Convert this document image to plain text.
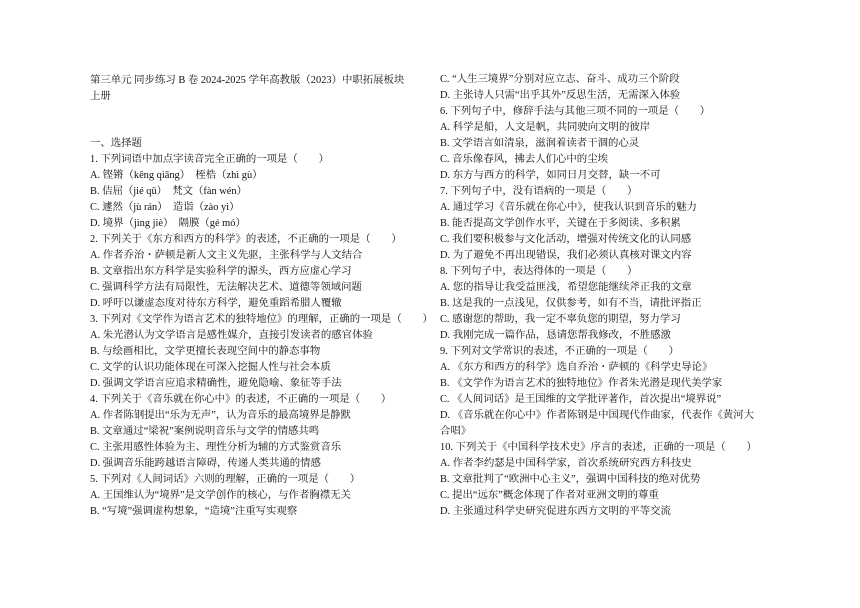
第三单元 同步练习 B 卷 2024-2025 学年高教版（2023）中职拓展板块上册
一、选择题
1. 下列词语中加点字读音完全正确的一项是（　　）
A. 铿锵（kēng qiāng）　桎梏（zhì gù）
B. 佶屈（jié qū）　梵文（fàn wén）
C. 遽然（jù rán）　造诣（zào yì）
D. 境界（jìng jiè）　隔膜（gé mó）
2. 下列关于《东方和西方的科学》的表述，不正确的一项是（　　）
A. 作者乔治・萨顿是新人文主义先驱，主张科学与人文结合
B. 文章指出东方科学是实验科学的源头，西方应虚心学习
C. 强调科学方法有局限性，无法解决艺术、道德等领域问题
D. 呼吁以谦虚态度对待东方科学，避免重蹈希腊人覆辙
3. 下列对《文学作为语言艺术的独特地位》的理解，正确的一项是（　　）
A. 朱光潜认为文学语言是感性媒介，直接引发读者的感官体验
B. 与绘画相比，文学更擅长表现空间中的静态事物
C. 文学的认识功能体现在可深入挖掘人性与社会本质
D. 强调文学语言应追求精确性，避免隐喻、象征等手法
4. 下列关于《音乐就在你心中》的表述，不正确的一项是（　　）
A. 作者陈钢提出“乐为无声”，认为音乐的最高境界是静默
B. 文章通过“梁祝”案例说明音乐与文学的情感共鸣
C. 主张用感性体验为主、理性分析为辅的方式鉴赏音乐
D. 强调音乐能跨越语言障碍，传递人类共通的情感
5. 下列对《人间词话》六则的理解，正确的一项是（　　）
A. 王国维认为“境界”是文学创作的核心，与作者胸襟无关
B. “写境”强调虚构想象，“造境”注重写实观察
C. “人生三境界”分别对应立志、奋斗、成功三个阶段
D. 主张诗人只需“出乎其外”反思生活，无需深入体验
6. 下列句子中，修辞手法与其他三项不同的一项是（　　）
A. 科学是船，人文是帆，共同驶向文明的彼岸
B. 文学语言如清泉，滋润着读者干涸的心灵
C. 音乐像春风，拂去人们心中的尘埃
D. 东方与西方的科学，如同日月交替，缺一不可
7. 下列句子中，没有语病的一项是（　　）
A. 通过学习《音乐就在你心中》，使我认识到音乐的魅力
B. 能否提高文学创作水平，关键在于多阅读、多积累
C. 我们要积极参与文化活动，增强对传统文化的认同感
D. 为了避免不再出现错误，我们必须认真核对课文内容
8. 下列句子中，表达得体的一项是（　　）
A. 您的指导让我受益匪浅，希望您能继续斧正我的文章
B. 这是我的一点浅见，仅供参考，如有不当，请批评指正
C. 感谢您的帮助，我一定不辜负您的期望，努力学习
D. 我刚完成一篇作品，恳请您帮我修改，不胜感激
9. 下列对文学常识的表述，不正确的一项是（　　）
A. 《东方和西方的科学》选自乔治・萨顿的《科学史导论》
B. 《文学作为语言艺术的独特地位》作者朱光潜是现代美学家
C. 《人间词话》是王国维的文学批评著作，首次提出“境界说”
D. 《音乐就在你心中》作者陈钢是中国现代作曲家，代表作《黄河大合唱》
10. 下列关于《中国科学技术史》序言的表述，正确的一项是（　　）
A. 作者李约瑟是中国科学家，首次系统研究西方科技史
B. 文章批判了“欧洲中心主义”，强调中国科技的绝对优势
C. 提出“远东”概念体现了作者对亚洲文明的尊重
D. 主张通过科学史研究促进东西方文明的平等交流
